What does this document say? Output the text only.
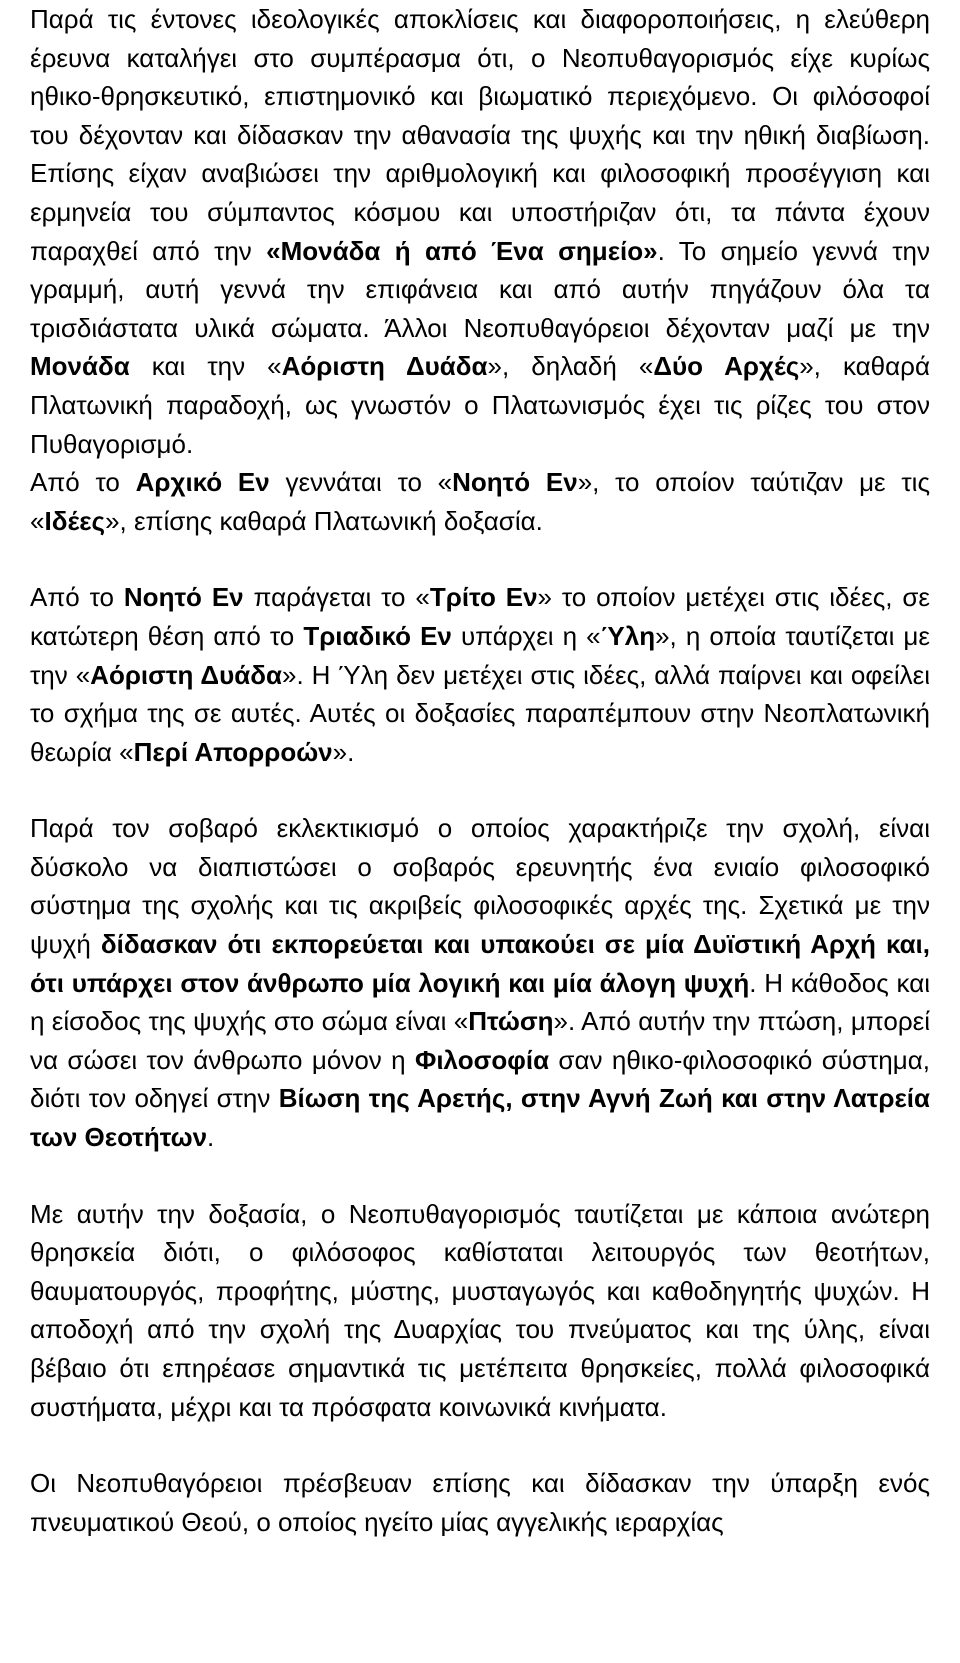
Παρά τις έντονες ιδεολογικές αποκλίσεις και διαφοροποιήσεις, η ελεύθερη έρευνα καταλήγει στο συμπέρασμα ότι, ο Νεοπυθαγορισμός είχε κυρίως ηθικο-θρησκευτικό, επιστημονικό και βιωματικό περιεχόμενο. Οι φιλόσοφοί του δέχονταν και δίδασκαν την αθανασία της ψυχής και την ηθική διαβίωση. Επίσης είχαν αναβιώσει την αριθμολογική και φιλοσοφική προσέγγιση και ερμηνεία του σύμπαντος κόσμου και υποστήριζαν ότι, τα πάντα έχουν παραχθεί από την «Μονάδα ή από Ένα σημείο». Το σημείο γεννά την γραμμή, αυτή γεννά την επιφάνεια και από αυτήν πηγάζουν όλα τα τρισδιάστατα υλικά σώματα. Άλλοι Νεοπυθαγόρειοι δέχονταν μαζί με την Μονάδα και την «Αόριστη Δυάδα», δηλαδή «Δύο Αρχές», καθαρά Πλατωνική παραδοχή, ως γνωστόν ο Πλατωνισμός έχει τις ρίζες του στον Πυθαγορισμό.

Από το Αρχικό Εν γεννάται το «Νοητό Εν», το οποίον ταύτιζαν με τις «Ιδέες», επίσης καθαρά Πλατωνική δοξασία.

Από το Νοητό Εν παράγεται το «Τρίτο Εν» το οποίον μετέχει στις ιδέες, σε κατώτερη θέση από το Τριαδικό Εν υπάρχει η «Ύλη», η οποία ταυτίζεται με την «Αόριστη Δυάδα». Η Ύλη δεν μετέχει στις ιδέες, αλλά παίρνει και οφείλει το σχήμα της σε αυτές. Αυτές οι δοξασίες παραπέμπουν στην Νεοπλατωνική θεωρία «Περί Απορροών».

Παρά τον σοβαρό εκλεκτικισμό ο οποίος χαρακτήριζε την σχολή, είναι δύσκολο να διαπιστώσει ο σοβαρός ερευνητής ένα ενιαίο φιλοσοφικό σύστημα της σχολής και τις ακριβείς φιλοσοφικές αρχές της. Σχετικά με την ψυχή δίδασκαν ότι εκπορεύεται και υπακούει σε μία Δυϊστική Αρχή και, ότι υπάρχει στον άνθρωπο μία λογική και μία άλογη ψυχή. Η κάθοδος και η είσοδος της ψυχής στο σώμα είναι «Πτώση». Από αυτήν την πτώση, μπορεί να σώσει τον άνθρωπο μόνον η Φιλοσοφία σαν ηθικο-φιλοσοφικό σύστημα, διότι τον οδηγεί στην Βίωση της Αρετής, στην Αγνή Ζωή και στην Λατρεία των Θεοτήτων.

Με αυτήν την δοξασία, ο Νεοπυθαγορισμός ταυτίζεται με κάποια ανώτερη θρησκεία διότι, ο φιλόσοφος καθίσταται λειτουργός των θεοτήτων, θαυματουργός, προφήτης, μύστης, μυσταγωγός και καθοδηγητής ψυχών. Η αποδοχή από την σχολή της Δυαρχίας του πνεύματος και της ύλης, είναι βέβαιο ότι επηρέασε σημαντικά τις μετέπειτα θρησκείες, πολλά φιλοσοφικά συστήματα, μέχρι και τα πρόσφατα κοινωνικά κινήματα.

Οι Νεοπυθαγόρειοι πρέσβευαν επίσης και δίδασκαν την ύπαρξη ενός πνευματικού Θεού, ο οποίος ηγείτο μίας αγγελικής ιεραρχίας
